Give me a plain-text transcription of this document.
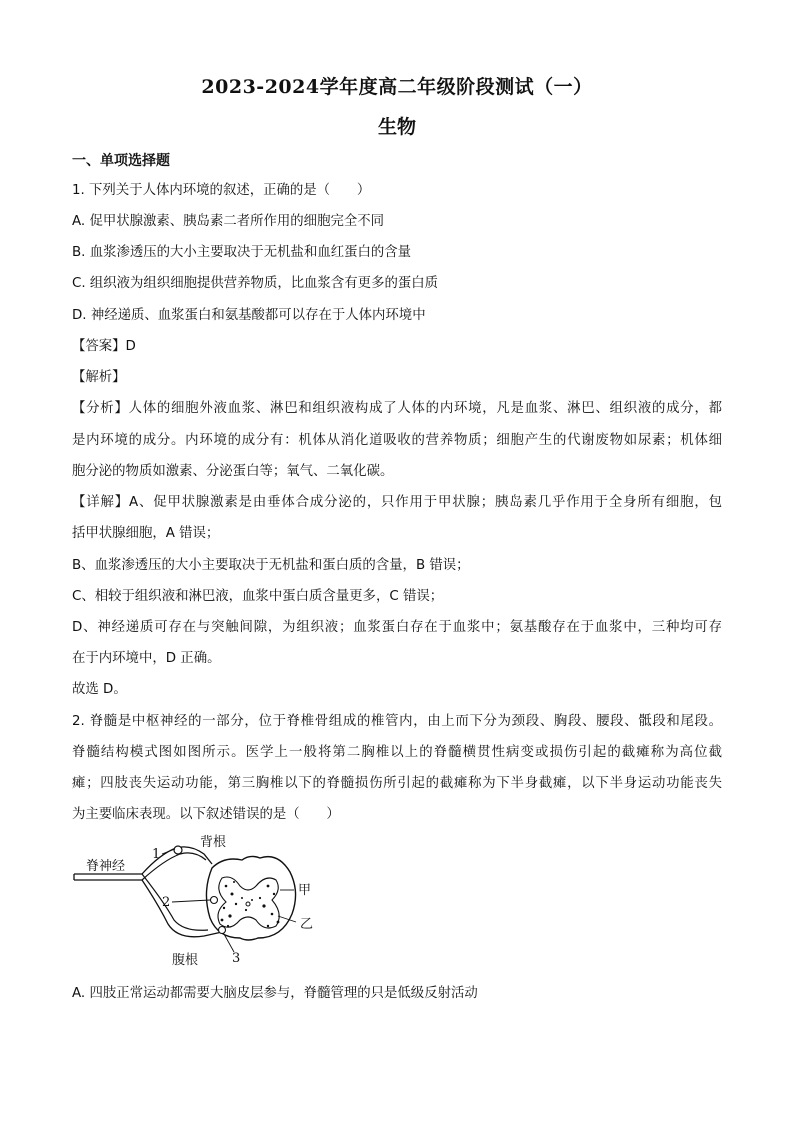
2023-2024学年度高二年级阶段测试（一）
生物
一、单项选择题
1. 下列关于人体内环境的叙述，正确的是（　　）
A. 促甲状腺激素、胰岛素二者所作用的细胞完全不同
B. 血浆渗透压的大小主要取决于无机盐和血红蛋白的含量
C. 组织液为组织细胞提供营养物质，比血浆含有更多的蛋白质
D. 神经递质、血浆蛋白和氨基酸都可以存在于人体内环境中
【答案】D
【解析】
【分析】人体的细胞外液血浆、淋巴和组织液构成了人体的内环境，凡是血浆、淋巴、组织液的成分，都
是内环境的成分。内环境的成分有：机体从消化道吸收的营养物质；细胞产生的代谢废物如尿素；机体细
胞分泌的物质如激素、分泌蛋白等；氧气、二氧化碳。
【详解】A、促甲状腺激素是由垂体合成分泌的，只作用于甲状腺；胰岛素几乎作用于全身所有细胞，包
括甲状腺细胞，A 错误；
B、血浆渗透压的大小主要取决于无机盐和蛋白质的含量，B 错误；
C、相较于组织液和淋巴液，血浆中蛋白质含量更多，C 错误；
D、神经递质可存在与突触间隙，为组织液；血浆蛋白存在于血浆中；氨基酸存在于血浆中，三种均可存
在于内环境中，D 正确。
故选 D。
2. 脊髓是中枢神经的一部分，位于脊椎骨组成的椎管内，由上而下分为颈段、胸段、腰段、骶段和尾段。
脊髓结构模式图如图所示。医学上一般将第二胸椎以上的脊髓横贯性病变或损伤引起的截瘫称为高位截
瘫；四肢丧失运动功能，第三胸椎以下的脊髓损伤所引起的截瘫称为下半身截瘫，以下半身运动功能丧失
为主要临床表现。以下叙述错误的是（　　）
脊神经
背根
腹根
甲
乙
1
2
3
A. 四肢正常运动都需要大脑皮层参与，脊髓管理的只是低级反射活动
